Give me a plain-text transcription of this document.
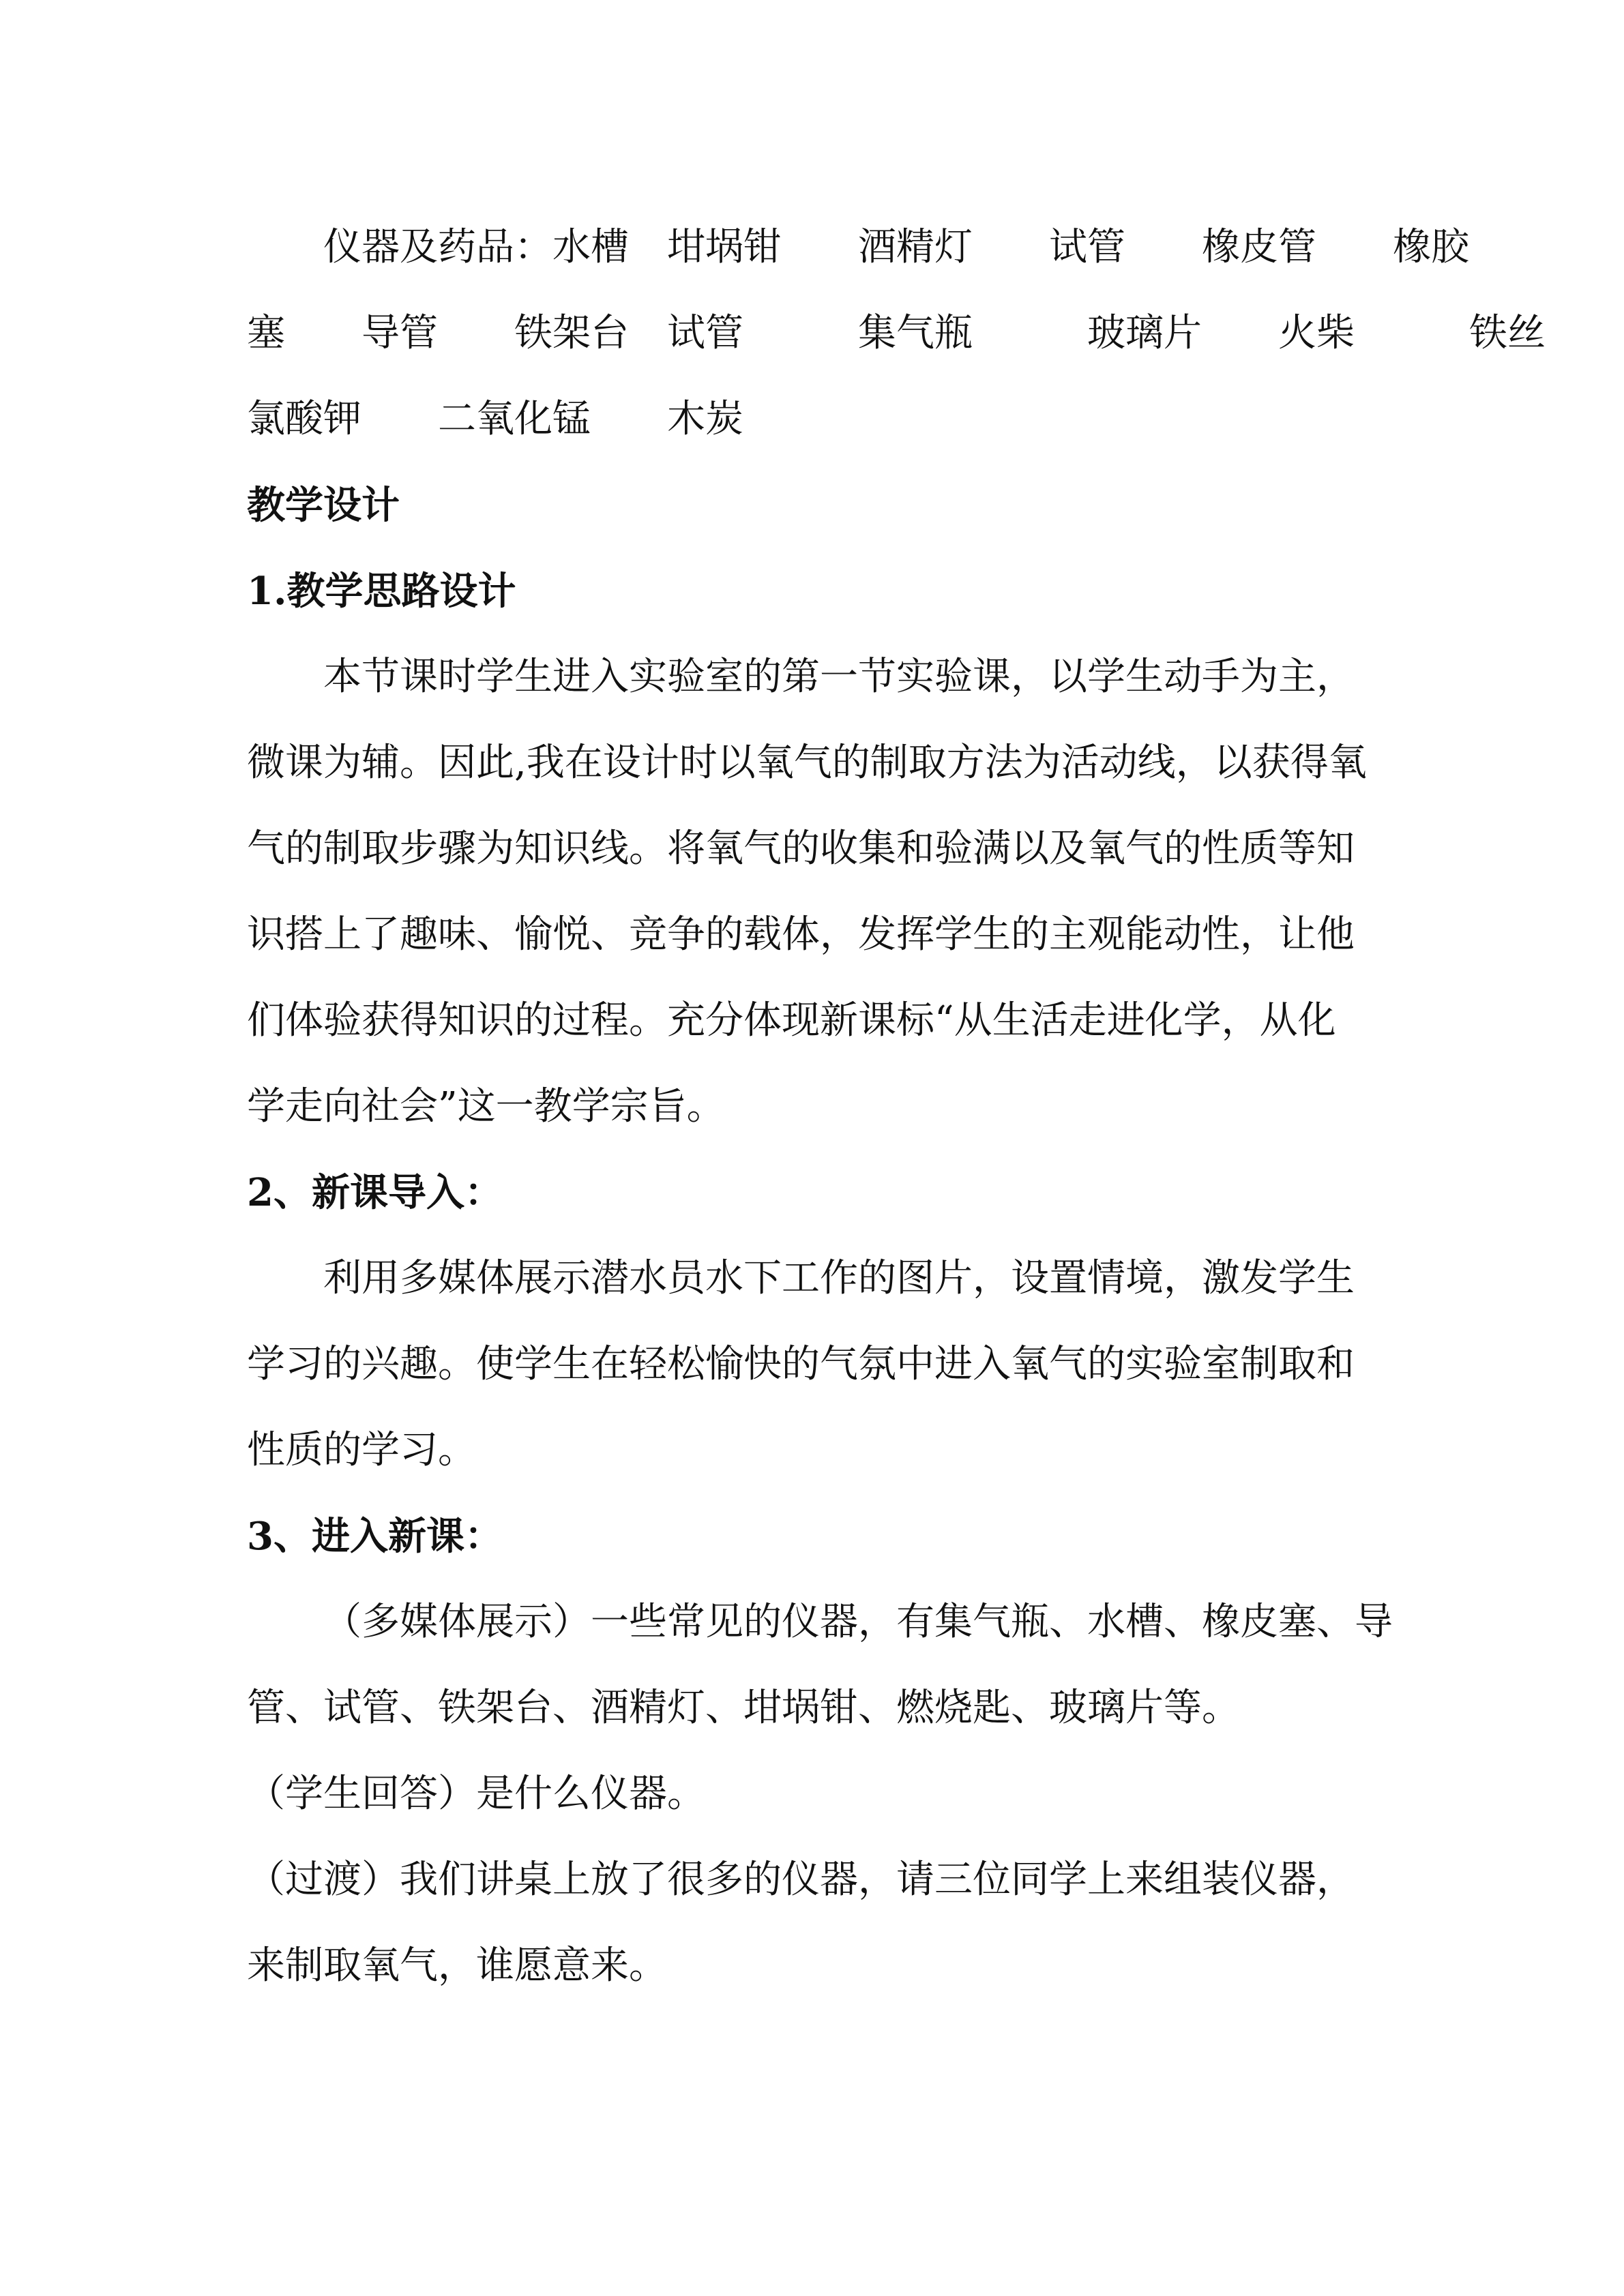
仪器及药品：水槽　坩埚钳　　酒精灯　　试管　　橡皮管　　橡胶
塞　　导管　　铁架台　试管　　　集气瓶　　　玻璃片　　火柴　　　铁丝
氯酸钾　　二氧化锰　　木炭
教学设计
1.教学思路设计
本节课时学生进入实验室的第一节实验课，以学生动手为主，
微课为辅。因此,我在设计时以氧气的制取方法为活动线，以获得氧
气的制取步骤为知识线。将氧气的收集和验满以及氧气的性质等知
识搭上了趣味、愉悦、竞争的载体，发挥学生的主观能动性，让他
们体验获得知识的过程。充分体现新课标“从生活走进化学，从化
学走向社会”这一教学宗旨。
2、新课导入：
利用多媒体展示潜水员水下工作的图片，设置情境，激发学生
学习的兴趣。使学生在轻松愉快的气氛中进入氧气的实验室制取和
性质的学习。
3、进入新课：
（多媒体展示）一些常见的仪器，有集气瓶、水槽、橡皮塞、导
管、试管、铁架台、酒精灯、坩埚钳、燃烧匙、玻璃片等。
（学生回答）是什么仪器。
（过渡）我们讲桌上放了很多的仪器，请三位同学上来组装仪器，
来制取氧气，谁愿意来。
